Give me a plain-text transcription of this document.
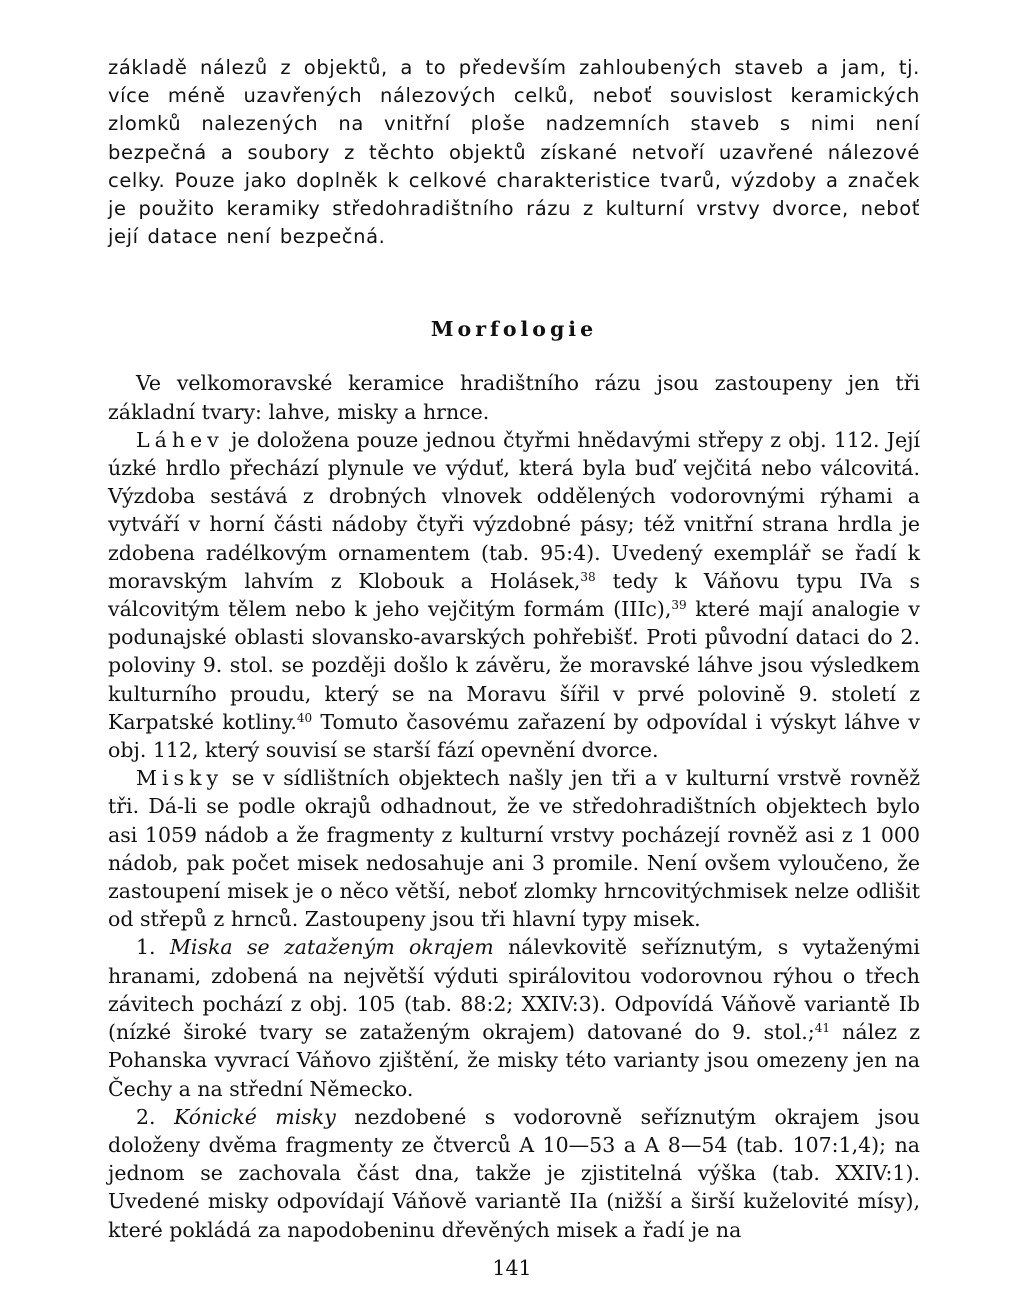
základě nálezů z objektů, a to především zahloubených staveb a jam, tj. více méně uzavřených nálezových celků, neboť souvislost keramických zlomků nalezených na vnitřní ploše nadzemních staveb s nimi není bezpečná a soubory z těchto objektů získané netvoří uzavřené nálezové celky. Pouze jako doplněk k celkové charakteristice tvarů, výzdoby a značek je použito keramiky středohradištního rázu z kulturní vrstvy dvorce, neboť její datace není bezpečná.

Morfologie

Ve velkomoravské keramice hradištního rázu jsou zastoupeny jen tři základní tvary: lahve, misky a hrnce.

Láhev je doložena pouze jednou čtyřmi hnědavými střepy z obj. 112. Její úzké hrdlo přechází plynule ve výduť, která byla buď vejčitá nebo válcovitá. Výzdoba sestává z drobných vlnovek oddělených vodorovnými rýhami a vytváří v horní části nádoby čtyři výzdobné pásy; též vnitřní strana hrdla je zdobena radélkovým ornamentem (tab. 95:4). Uvedený exemplář se řadí k moravským lahvím z Klobouk a Holásek,$^{38}$ tedy k Váňovu typu IVa s válcovitým tělem nebo k jeho vejčitým formám (IIIc),$^{39}$ které mají analogie v podunajské oblasti slovansko-avarských pohřebišť. Proti původní dataci do 2. poloviny 9. stol. se později došlo k závěru, že moravské láhve jsou výsledkem kulturního proudu, který se na Moravu šířil v prvé polovině 9. století z Karpatské kotliny.$^{40}$ Tomuto časovému zařazení by odpovídal i výskyt láhve v obj. 112, který souvisí se starší fází opevnění dvorce.

Misky se v sídlištních objektech našly jen tři a v kulturní vrstvě rovněž tři. Dá-li se podle okrajů odhadnout, že ve středohradištních objektech bylo asi 1059 nádob a že fragmenty z kulturní vrstvy pocházejí rovněž asi z 1 000 nádob, pak počet misek nedosahuje ani 3 promile. Není ovšem vyloučeno, že zastoupení misek je o něco větší, neboť zlomky hrncovitýchmisek nelze odlišit od střepů z hrnců. Zastoupeny jsou tři hlavní typy misek.

1. Miska se zataženým okrajem nálevkovitě seříznutým, s vytaženými hranami, zdobená na největší výduti spirálovitou vodorovnou rýhou o třech závitech pochází z obj. 105 (tab. 88:2; XXIV:3). Odpovídá Váňově variantě Ib (nízké široké tvary se zataženým okrajem) datované do 9. stol.;$^{41}$ nález z Pohanska vyvrací Váňovo zjištění, že misky této varianty jsou omezeny jen na Čechy a na střední Německo.

2. Kónické misky nezdobené s vodorovně seříznutým okrajem jsou doloženy dvěma fragmenty ze čtverců A 10—53 a A 8—54 (tab. 107:1,4); na jednom se zachovala část dna, takže je zjistitelná výška (tab. XXIV:1). Uvedené misky odpovídají Váňově variantě IIa (nižší a širší kuželovité mísy), které pokládá za napodobeninu dřevěných misek a řadí je na

141
